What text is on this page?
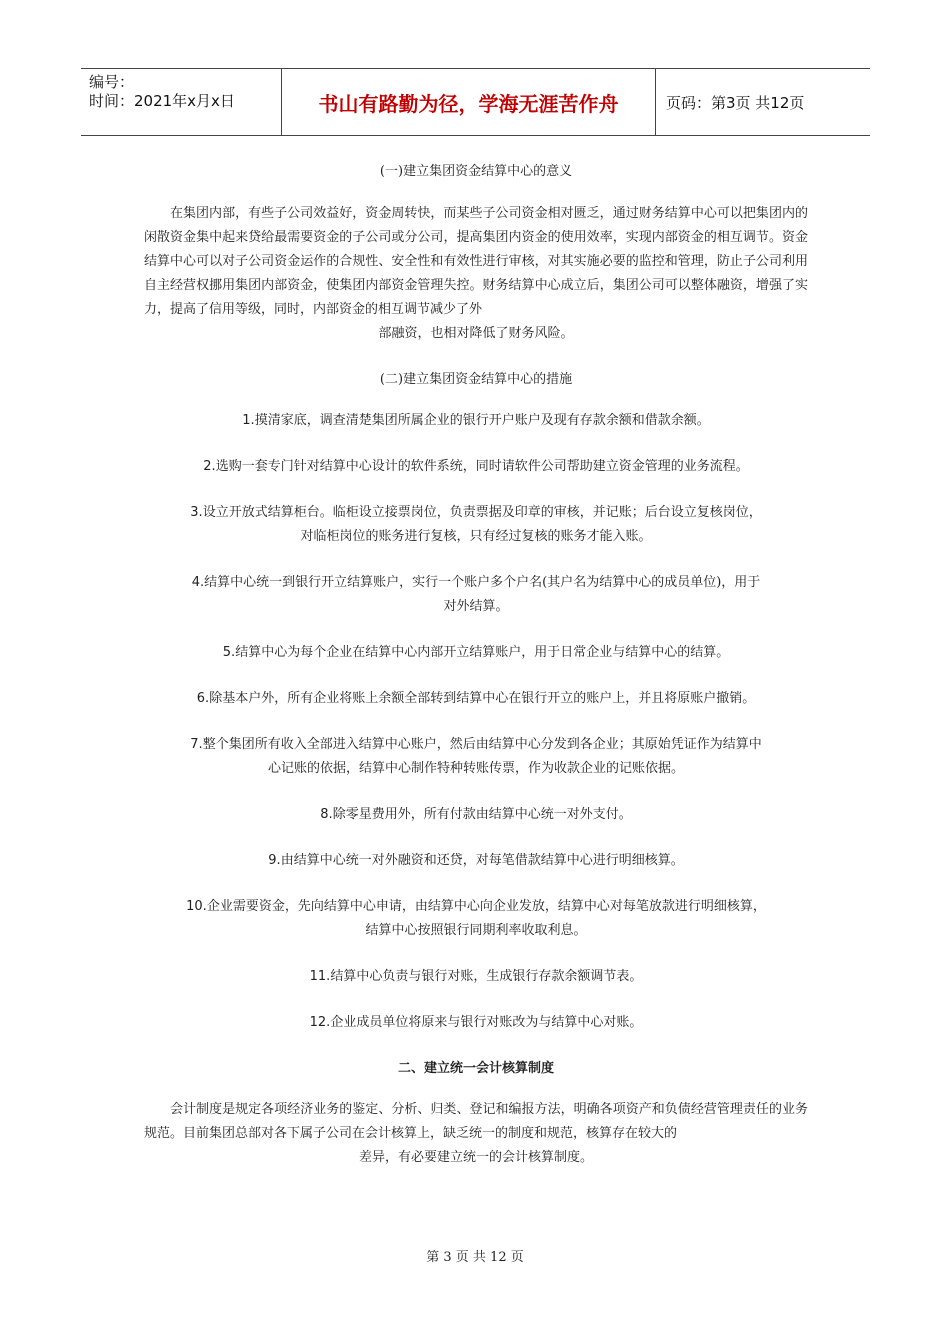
编号：
时间：2021年x月x日	书山有路勤为径，学海无涯苦作舟	页码：第3页 共12页

(一)建立集团资金结算中心的意义

在集团内部，有些子公司效益好，资金周转快，而某些子公司资金相对匮乏，通过财务结算中心可以把集团内的闲散资金集中起来贷给最需要资金的子公司或分公司，提高集团内资金的使用效率，实现内部资金的相互调节。资金结算中心可以对子公司资金运作的合规性、安全性和有效性进行审核，对其实施必要的监控和管理，防止子公司利用自主经营权挪用集团内部资金，使集团内部资金管理失控。财务结算中心成立后，集团公司可以整体融资，增强了实力，提高了信用等级，同时，内部资金的相互调节减少了外

部融资，也相对降低了财务风险。

(二)建立集团资金结算中心的措施

1.摸清家底，调查清楚集团所属企业的银行开户账户及现有存款余额和借款余额。

2.选购一套专门针对结算中心设计的软件系统，同时请软件公司帮助建立资金管理的业务流程。

3.设立开放式结算柜台。临柜设立接票岗位，负责票据及印章的审核，并记账；后台设立复核岗位，

对临柜岗位的账务进行复核，只有经过复核的账务才能入账。

4.结算中心统一到银行开立结算账户，实行一个账户多个户名(其户名为结算中心的成员单位)，用于

对外结算。

5.结算中心为每个企业在结算中心内部开立结算账户，用于日常企业与结算中心的结算。

6.除基本户外，所有企业将账上余额全部转到结算中心在银行开立的账户上，并且将原账户撤销。

7.整个集团所有收入全部进入结算中心账户，然后由结算中心分发到各企业；其原始凭证作为结算中

心记账的依据，结算中心制作特种转账传票，作为收款企业的记账依据。

8.除零星费用外，所有付款由结算中心统一对外支付。

9.由结算中心统一对外融资和还贷，对每笔借款结算中心进行明细核算。

10.企业需要资金，先向结算中心申请，由结算中心向企业发放，结算中心对每笔放款进行明细核算，

结算中心按照银行同期利率收取利息。

11.结算中心负责与银行对账，生成银行存款余额调节表。

12.企业成员单位将原来与银行对账改为与结算中心对账。

二、建立统一会计核算制度

会计制度是规定各项经济业务的鉴定、分析、归类、登记和编报方法，明确各项资产和负债经营管理责任的业务规范。目前集团总部对各下属子公司在会计核算上，缺乏统一的制度和规范，核算存在较大的

差异，有必要建立统一的会计核算制度。

第 3 页 共 12 页
